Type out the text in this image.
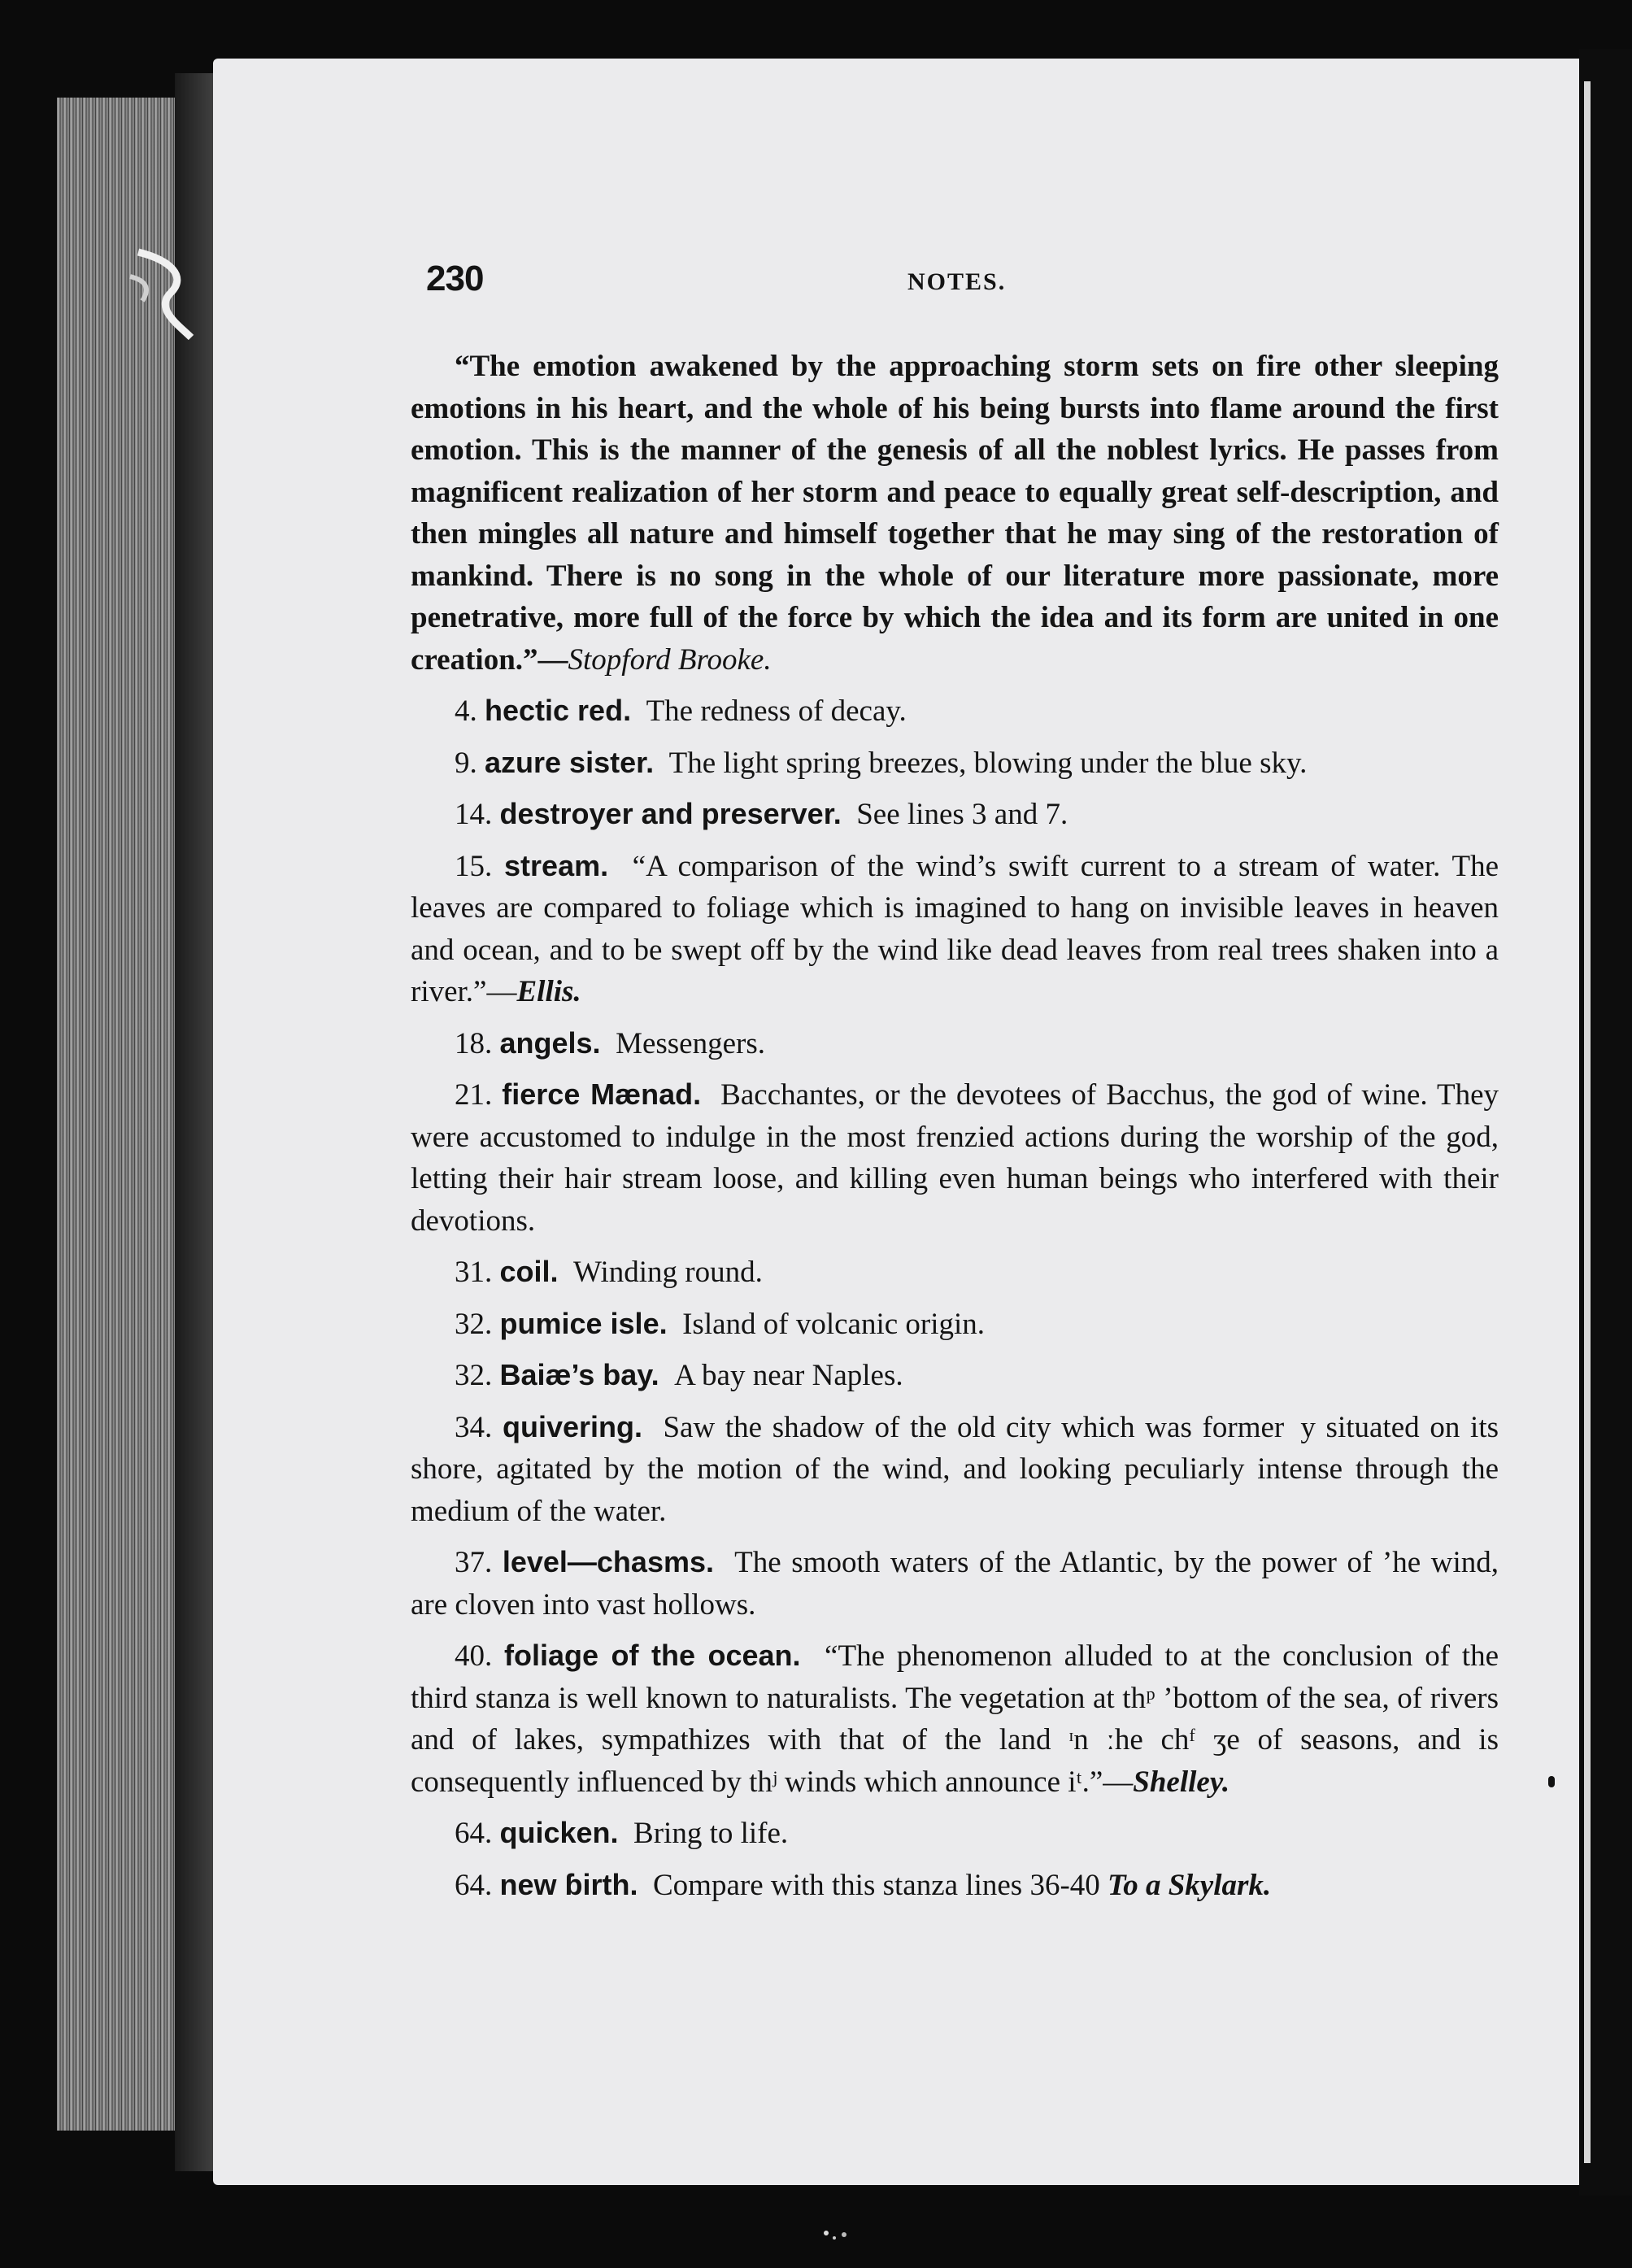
230	NOTES.

“The emotion awakened by the approaching storm sets on fire other sleeping emotions in his heart, and the whole of his being bursts into flame around the first emotion. This is the manner of the genesis of all the noblest lyrics. He passes from magnificent realization of her storm and peace to equally great self-description, and then mingles all nature and himself together that he may sing of the restoration of mankind. There is no song in the whole of our literature more passionate, more penetrative, more full of the force by which the idea and its form are united in one creation.”—Stopford Brooke.

4. hectic red. The redness of decay.

9. azure sister. The light spring breezes, blowing under the blue sky.

14. destroyer and preserver. See lines 3 and 7.

15. stream. “A comparison of the wind’s swift current to a stream of water. The leaves are compared to foliage which is imagined to hang on invisible leaves in heaven and ocean, and to be swept off by the wind like dead leaves from real trees shaken into a river.”—Ellis.

18. angels. Messengers.

21. fierce Mænad. Bacchantes, or the devotees of Bacchus, the god of wine. They were accustomed to indulge in the most frenzied actions during the worship of the god, letting their hair stream loose, and killing even human beings who interfered with their devotions.

31. coil. Winding round.

32. pumice isle. Island of volcanic origin.

32. Baiæ’s bay. A bay near Naples.

34. quivering. Saw the shadow of the old city which was former  y situated on its shore, agitated by the motion of the wind, and looking peculiarly intense through the medium of the water.

37. level—chasms. The smooth waters of the Atlantic, by the power of ʼhe wind, are cloven into vast hollows.

40. foliage of the ocean. “The phenomenon alluded to at the conclusion of the third stanza is well known to naturalists. The vegetation at thᵖ ʼbottom of the sea, of rivers and of lakes, sympathizes with that of the land ᶦn ːhe chᶠ ʒe of seasons, and is consequently influenced by thʲ winds which announce iᵗ.”—Shelley.

64. quicken. Bring to life.

64. new ɓirth. Compare with this stanza lines 36-40 To a Skylark.
